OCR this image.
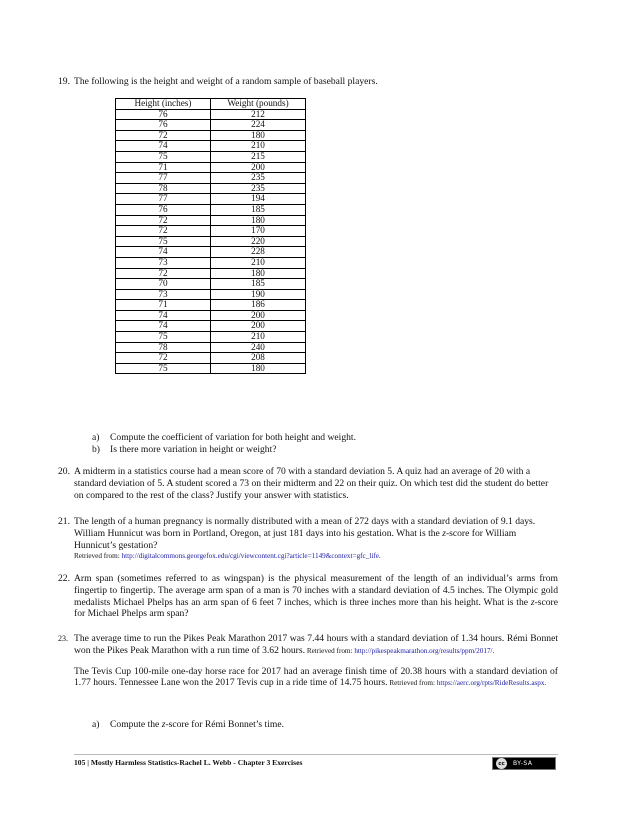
19. The following is the height and weight of a random sample of baseball players.

Height (inches)	Weight (pounds)
76	212
76	224
72	180
74	210
75	215
71	200
77	235
78	235
77	194
76	185
72	180
72	170
75	220
74	228
73	210
72	180
70	185
73	190
71	186
74	200
74	200
75	210
78	240
72	208
75	180
a) Compute the coefficient of variation for both height and weight.
b) Is there more variation in height or weight?
20. A midterm in a statistics course had a mean score of 70 with a standard deviation 5. A quiz had an average of 20 with a standard deviation of 5. A student scored a 73 on their midterm and 22 on their quiz. On which test did the student do better on compared to the rest of the class? Justify your answer with statistics.

21. The length of a human pregnancy is normally distributed with a mean of 272 days with a standard deviation of 9.1 days. William Hunnicut was born in Portland, Oregon, at just 181 days into his gestation. What is the z-score for William Hunnicut’s gestation?

Retrieved from: http://digitalcommons.georgefox.edu/cgi/viewcontent.cgi?article=1149&context=gfc_life.

22. Arm span (sometimes referred to as wingspan) is the physical measurement of the length of an individual’s arms from fingertip to fingertip. The average arm span of a man is 70 inches with a standard deviation of 4.5 inches. The Olympic gold medalists Michael Phelps has an arm span of 6 feet 7 inches, which is three inches more than his height. What is the z-score for Michael Phelps arm span?

23. The average time to run the Pikes Peak Marathon 2017 was 7.44 hours with a standard deviation of 1.34 hours. Rémi Bonnet won the Pikes Peak Marathon with a run time of 3.62 hours. Retrieved from: http://pikespeakmarathon.org/results/ppm/2017/.

The Tevis Cup 100-mile one-day horse race for 2017 had an average finish time of 20.38 hours with a standard deviation of 1.77 hours. Tennessee Lane won the 2017 Tevis cup in a ride time of 14.75 hours. Retrieved from: https://aerc.org/rpts/RideResults.aspx.

a) Compute the z-score for Rémi Bonnet’s time.
105 | Mostly Harmless Statistics-Rachel L. Webb - Chapter 3 Exercises	cc	BY-SA
